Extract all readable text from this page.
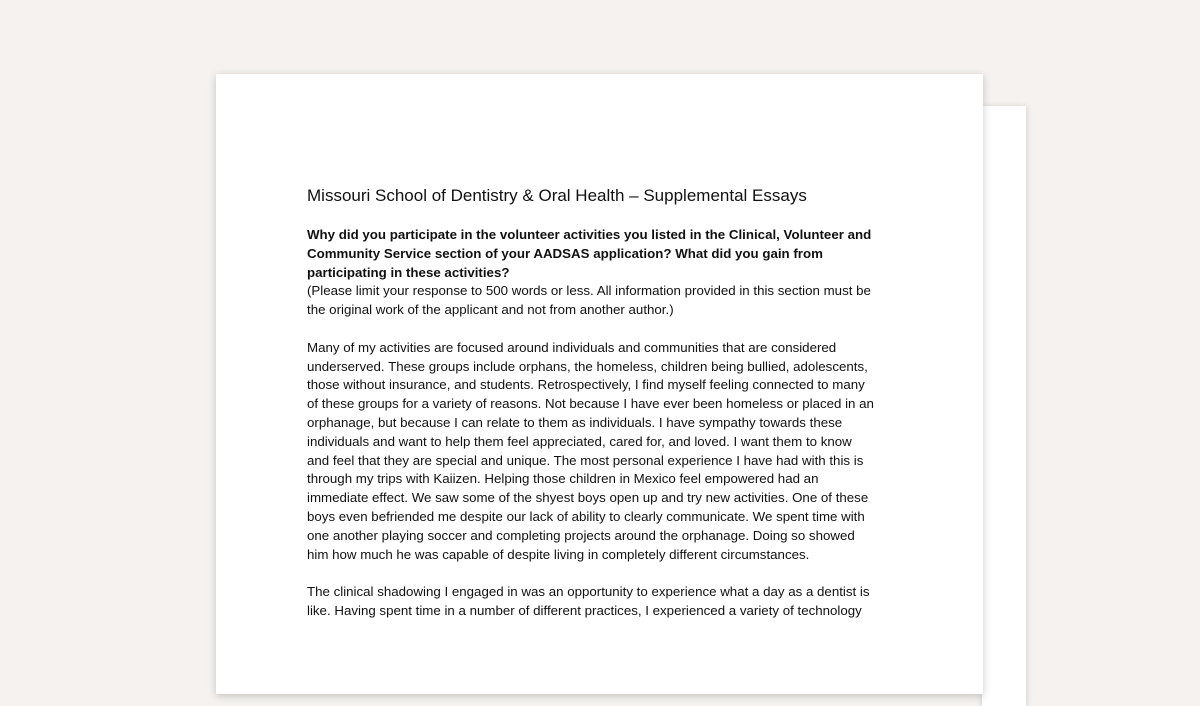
Missouri School of Dentistry & Oral Health – Supplemental Essays
Why did you participate in the volunteer activities you listed in the Clinical, Volunteer and
Community Service section of your AADSAS application? What did you gain from
participating in these activities?
(Please limit your response to 500 words or less. All information provided in this section must be
the original work of the applicant and not from another author.)
Many of my activities are focused around individuals and communities that are considered
underserved. These groups include orphans, the homeless, children being bullied, adolescents,
those without insurance, and students. Retrospectively, I find myself feeling connected to many
of these groups for a variety of reasons. Not because I have ever been homeless or placed in an
orphanage, but because I can relate to them as individuals. I have sympathy towards these
individuals and want to help them feel appreciated, cared for, and loved. I want them to know
and feel that they are special and unique. The most personal experience I have had with this is
through my trips with Kaiizen. Helping those children in Mexico feel empowered had an
immediate effect. We saw some of the shyest boys open up and try new activities. One of these
boys even befriended me despite our lack of ability to clearly communicate. We spent time with
one another playing soccer and completing projects around the orphanage. Doing so showed
him how much he was capable of despite living in completely different circumstances.
The clinical shadowing I engaged in was an opportunity to experience what a day as a dentist is
like. Having spent time in a number of different practices, I experienced a variety of technology
